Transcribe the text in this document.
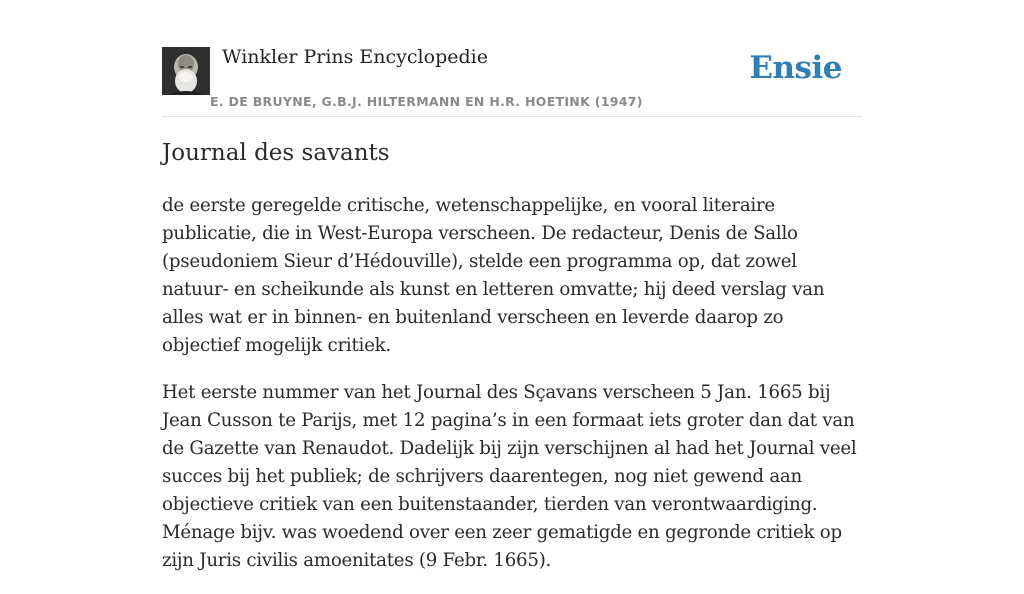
Winkler Prins Encyclopedie
E. DE BRUYNE, G.B.J. HILTERMANN EN H.R. HOETINK (1947)
Ensie
Journal des savants

de eerste geregelde critische, wetenschappelijke, en vooral literaire publicatie, die in West-Europa verscheen. De redacteur, Denis de Sallo (pseudoniem Sieur d’Hédouville), stelde een programma op, dat zowel natuur- en scheikunde als kunst en letteren omvatte; hij deed verslag van alles wat er in binnen- en buitenland verscheen en leverde daarop zo objectief mogelijk critiek.

Het eerste nummer van het Journal des Sçavans verscheen 5 Jan. 1665 bij Jean Cusson te Parijs, met 12 pagina’s in een formaat iets groter dan dat van de Gazette van Renaudot. Dadelijk bij zijn verschijnen al had het Journal veel succes bij het publiek; de schrijvers daarentegen, nog niet gewend aan objectieve critiek van een buitenstaander, tierden van verontwaardiging. Ménage bijv. was woedend over een zeer gematigde en gegronde critiek op zijn Juris civilis amoenitates (9 Febr. 1665).
